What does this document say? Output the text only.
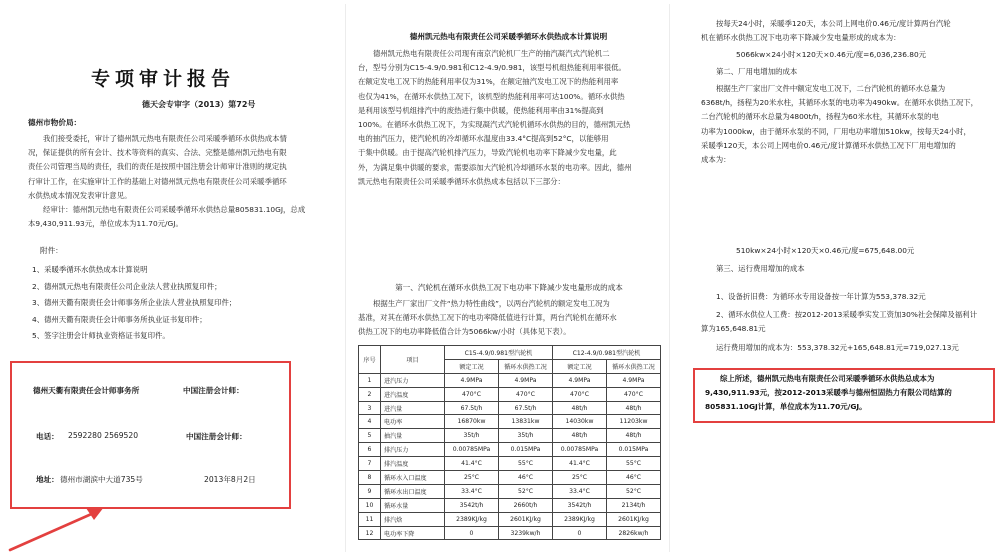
专项审计报告
德天会专审字（2013）第72号
德州市物价局：
我们接受委托，审计了德州凯元热电有限责任公司采暖季循环水供热成本情
况，保证提供的所有会计、技术等资料的真实、合法、完整是德州凯元热电有限
责任公司管理当局的责任，我们的责任是按照中国注册会计师审计准则的规定执
行审计工作，在实施审计工作的基础上对德州凯元热电有限责任公司采暖季循环
水供热成本情况发表审计意见。
经审计：德州凯元热电有限责任公司采暖季循环水供热总量805831.10GJ，总成
本9,430,911.93元，单位成本为11.70元/GJ。
附件：
1、采暖季循环水供热成本计算说明
2、德州凯元热电有限责任公司企业法人营业执照复印件；
3、德州天衢有限责任会计师事务所企业法人营业执照复印件；
4、德州天衢有限责任会计师事务所执业证书复印件；
5、签字注册会计师执业资格证书复印件。
德州天衢有限责任会计师事务所	中国注册会计师：
电话： 2592280 2569520	中国注册会计师：
地址： 德州市湖滨中大道735号	2013年8月2日
德州凯元热电有限责任公司采暖季循环水供热成本计算说明
德州凯元热电有限责任公司现有南京汽轮机厂生产的抽汽凝汽式汽轮机二
台，型号分别为C15-4.9/0.981和C12-4.9/0.981，该型号机组热能利用率很低。
在额定发电工况下的热能利用率仅为31%，在额定抽汽发电工况下的热能利用率
也仅为41%，在循环水供热工况下，该机型的热能利用率可达100%。循环水供热
是利用该型号机组排汽中的废热进行集中供暖，使热能利用率由31%提高到
100%。在循环水供热工况下，为实现凝汽式汽轮机循环水供热的目的，德州凯元热
电的抽汽压力，使汽轮机的冷却循环水温度由33.4°C提高到52°C，以能够用
于集中供暖。由于提高汽轮机排汽压力，导致汽轮机电功率下降减少发电量，此
外，为满足集中供暖的要求，需要添加大汽轮机冷却循环水泵的电功率。因此，德州
凯元热电有限责任公司采暖季循环水供热成本包括以下三部分：
第一、汽轮机在循环水供热工况下电功率下降减少发电量形成的成本
根据生产厂家出厂文件“热力特性曲线”，以两台汽轮机的额定发电工况为
基准，对其在循环水供热工况下的电功率降低值进行计算，两台汽轮机在循环水
供热工况下的电功率降低值合计为5066kw/小时（具体见下表）。
序号	项目	C15-4.9/0.981型汽轮机		C12-4.9/0.981型汽轮机	
		额定工况	循环水供热工况	额定工况	循环水供热工况
1	进汽压力	4.9MPa	4.9MPa	4.9MPa	4.9MPa
2	进汽温度	470°C	470°C	470°C	470°C
3	进汽量	67.5t/h	67.5t/h	48t/h	48t/h
4	电功率	16870kw	13831kw	14030kw	11203kw
5	抽汽量	35t/h	35t/h	48t/h	48t/h
6	排汽压力	0.00785MPa	0.015MPa	0.00785MPa	0.015MPa
7	排汽温度	41.4°C	55°C	41.4°C	55°C
8	循环水入口温度	25°C	46°C	25°C	46°C
9	循环水出口温度	33.4°C	52°C	33.4°C	52°C
10	循环水量	3542t/h	2660t/h	3542t/h	2134t/h
11	排汽焓	2389KJ/kg	2601KJ/kg	2389KJ/kg	2601KJ/kg
12	电功率下降	0	3239kw/h	0	2826kw/h
按每天24小时，采暖季120天，本公司上网电价0.46元/度计算两台汽轮
机在循环水供热工况下电功率下降减少发电量形成的成本为：
5066kw×24小时×120天×0.46元/度=6,036,236.80元
第二、厂用电增加的成本
根据生产厂家出厂文件中额定发电工况下，二台汽轮机的循环水总量为
6368t/h，扬程为20米水柱，其循环水泵的电功率为490kw。在循环水供热工况下，
二台汽轮机的循环水总量为4800t/h，扬程为60米水柱，其循环水泵的电
功率为1000kw，由于循环水泵的不同，厂用电功率增加510kw，按每天24小时，
采暖季120天，本公司上网电价0.46元/度计算循环水供热工况下厂用电增加的
成本为：
510kw×24小时×120天×0.46元/度=675,648.00元
第三、运行费用增加的成本
1、设备折旧费：为循环水专用设备按一年计算为553,378.32元
2、循环水供位人工费：按2012-2013采暖季实发工资加30%社会保障及福利计
算为165,648.81元
运行费用增加的成本为：553,378.32元+165,648.81元=719,027.13元
综上所述，德州凯元热电有限责任公司采暖季循环水供热总成本为
9,430,911.93元，按2012-2013采暖季与德州恒固热力有限公司结算的
805831.10GJ计算，单位成本为11.70元/GJ。
